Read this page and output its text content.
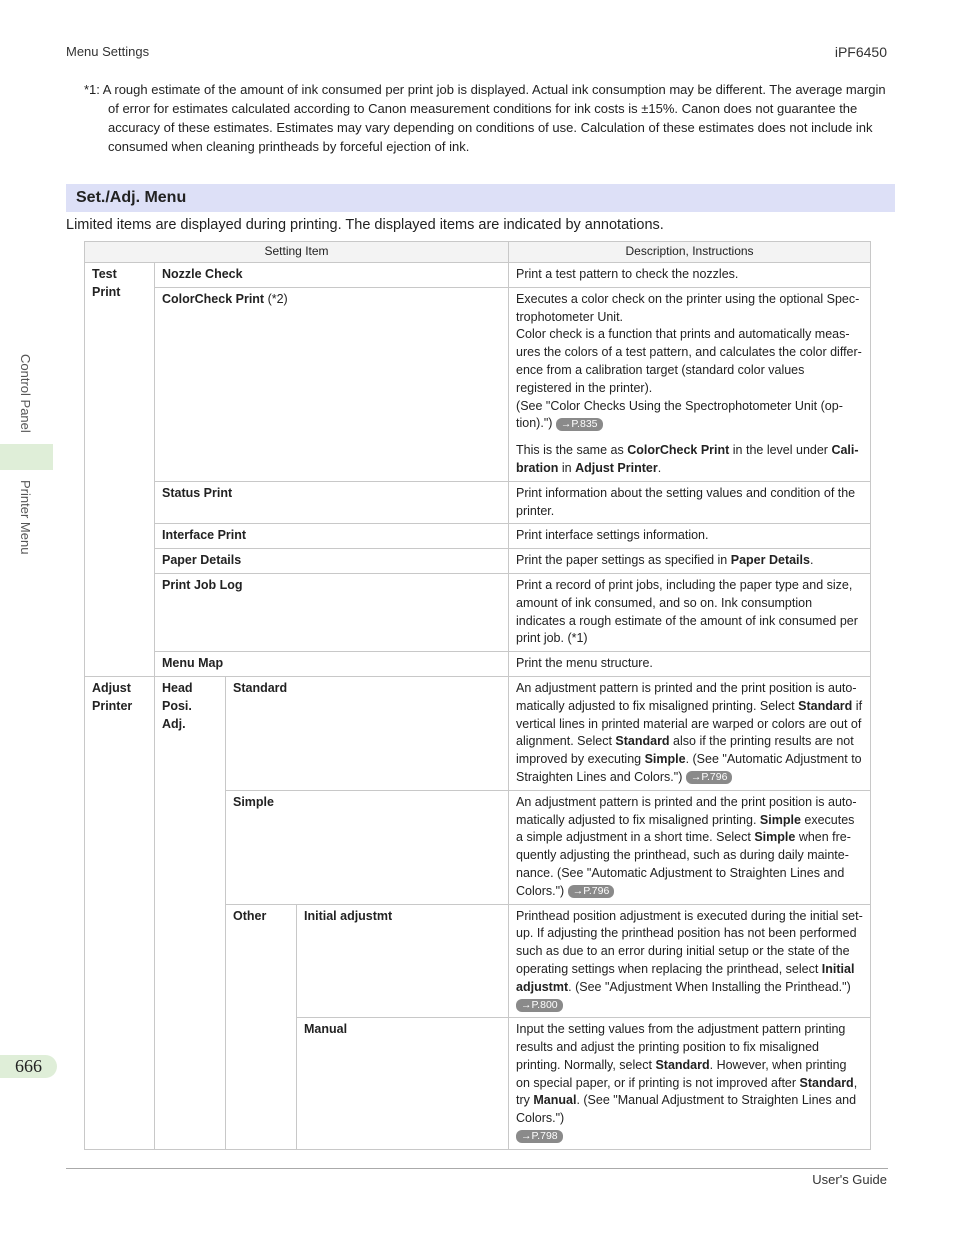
Menu Settings	iPF6450
*1: A rough estimate of the amount of ink consumed per print job is displayed. Actual ink consumption may be different. The average margin of error for estimates calculated according to Canon measurement conditions for ink costs is ±15%. Canon does not guarantee the accuracy of these estimates. Estimates may vary depending on conditions of use. Calculation of these estimates does not include ink consumed when cleaning printheads by forceful ejection of ink.
Set./Adj. Menu
Limited items are displayed during printing. The displayed items are indicated by annotations.
Setting Item				Description, Instructions
Test Print	Nozzle Check			Print a test pattern to check the nozzles.
	ColorCheck Print (*2)			Executes a color check on the printer using the optional Spectrophotometer Unit.
Color check is a function that prints and automatically measures the colors of a test pattern, and calculates the color difference from a calibration target (standard color values registered in the printer).
(See "Color Checks Using the Spectrophotometer Unit (option).") →P.835
This is the same as ColorCheck Print in the level under Calibration in Adjust Printer.

	Status Print			Print information about the setting values and condition of the printer.
	Interface Print			Print interface settings information.
	Paper Details			Print the paper settings as specified in Paper Details.
	Print Job Log			Print a record of print jobs, including the paper type and size, amount of ink consumed, and so on. Ink consumption indicates a rough estimate of the amount of ink consumed per print job. (*1)
	Menu Map			Print the menu structure.
Adjust Printer	Head Posi. Adj.	Standard		An adjustment pattern is printed and the print position is automatically adjusted to fix misaligned printing. Select Standard if vertical lines in printed material are warped or colors are out of alignment. Select Standard also if the printing results are not improved by executing Simple. (See "Automatic Adjustment to Straighten Lines and Colors.") →P.796
		Simple		An adjustment pattern is printed and the print position is automatically adjusted to fix misaligned printing. Simple executes a simple adjustment in a short time. Select Simple when frequently adjusting the printhead, such as during daily maintenance. (See "Automatic Adjustment to Straighten Lines and Colors.") →P.796
		Other	Initial adjustmt	Printhead position adjustment is executed during the initial setup. If adjusting the printhead position has not been performed such as due to an error during initial setup or the state of the operating settings when replacing the printhead, select Initial adjustmt. (See "Adjustment When Installing the Printhead.")
→P.800
			Manual	Input the setting values from the adjustment pattern printing results and adjust the printing position to fix misaligned printing. Normally, select Standard. However, when printing on special paper, or if printing is not improved after Standard, try Manual. (See "Manual Adjustment to Straighten Lines and Colors.")
→P.798
Control Panel
Printer Menu
666
User's Guide
